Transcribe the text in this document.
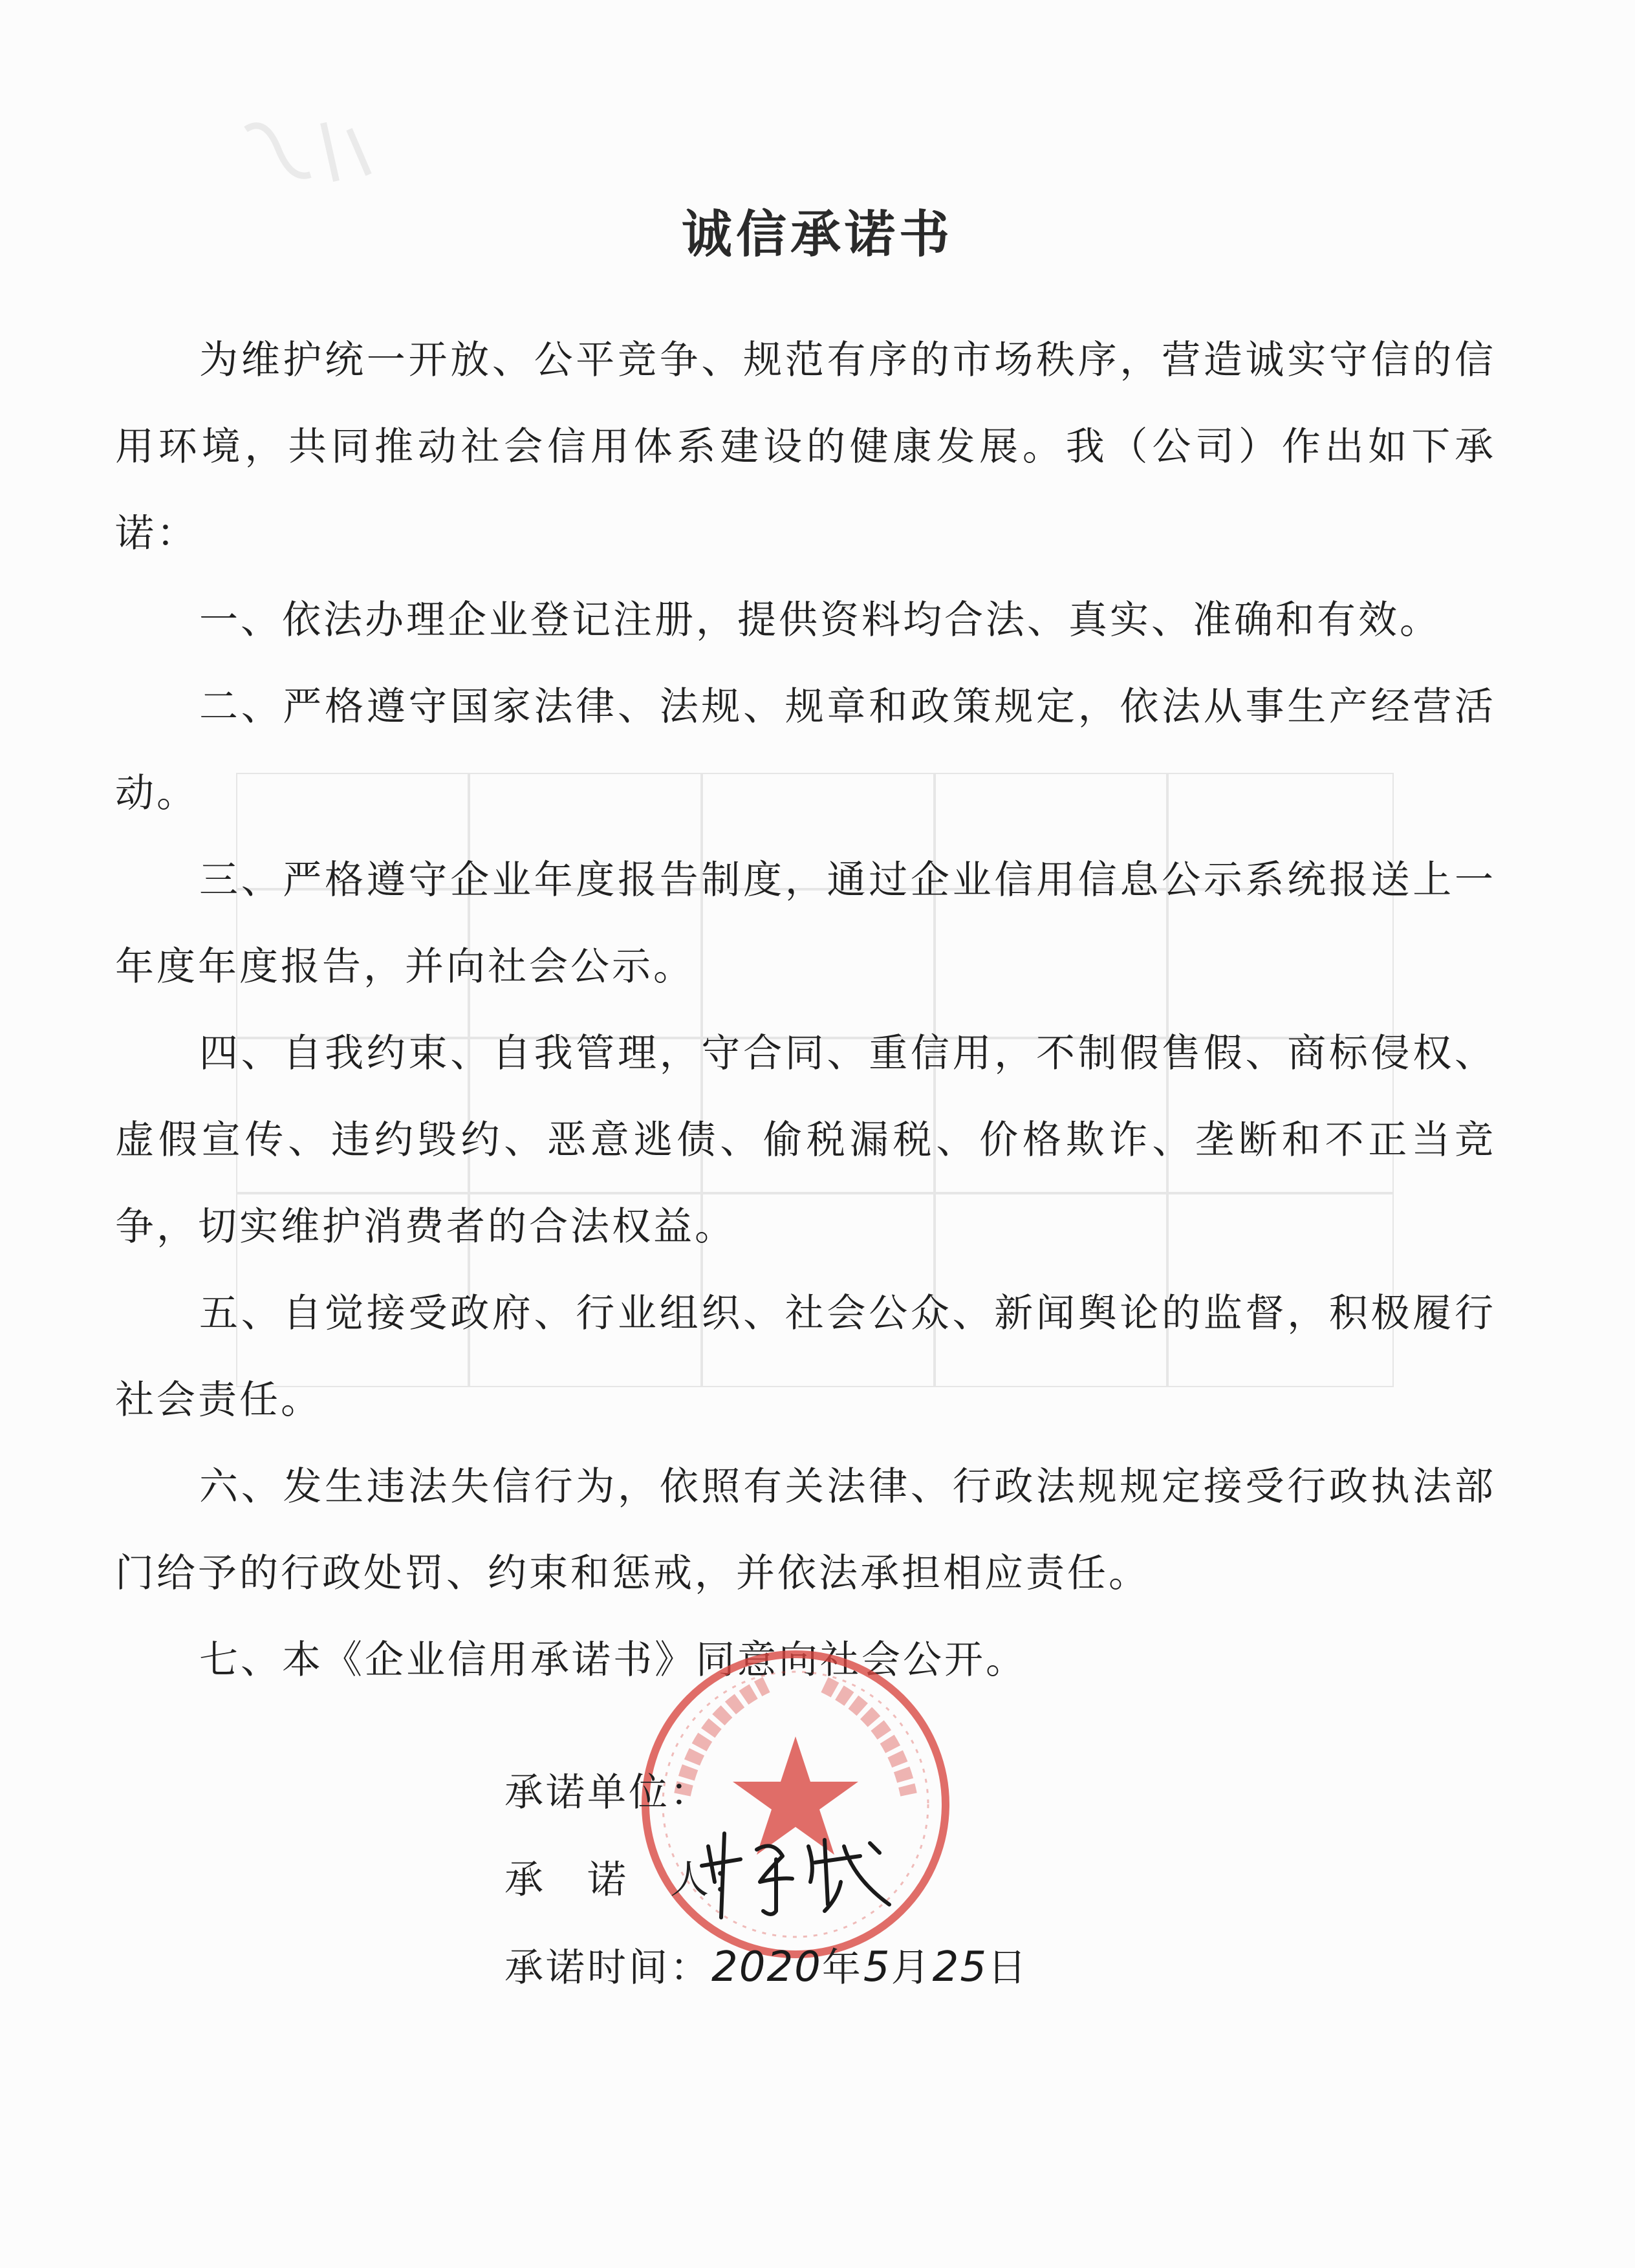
诚信承诺书

为维护统一开放、公平竞争、规范有序的市场秩序，营造诚实守信的信用环境，共同推动社会信用体系建设的健康发展。我（公司）作出如下承诺：

一、依法办理企业登记注册，提供资料均合法、真实、准确和有效。

二、严格遵守国家法律、法规、规章和政策规定，依法从事生产经营活动。

三、严格遵守企业年度报告制度，通过企业信用信息公示系统报送上一年度年度报告，并向社会公示。

四、自我约束、自我管理，守合同、重信用，不制假售假、商标侵权、虚假宣传、违约毁约、恶意逃债、偷税漏税、价格欺诈、垄断和不正当竞争，切实维护消费者的合法权益。

五、自觉接受政府、行业组织、社会公众、新闻舆论的监督，积极履行社会责任。

六、发生违法失信行为，依照有关法律、行政法规规定接受行政执法部门给予的行政处罚、约束和惩戒，并依法承担相应责任。

七、本《企业信用承诺书》同意向社会公开。

承诺单位：
承　诺　人：
承诺时间：2020年5月25日
